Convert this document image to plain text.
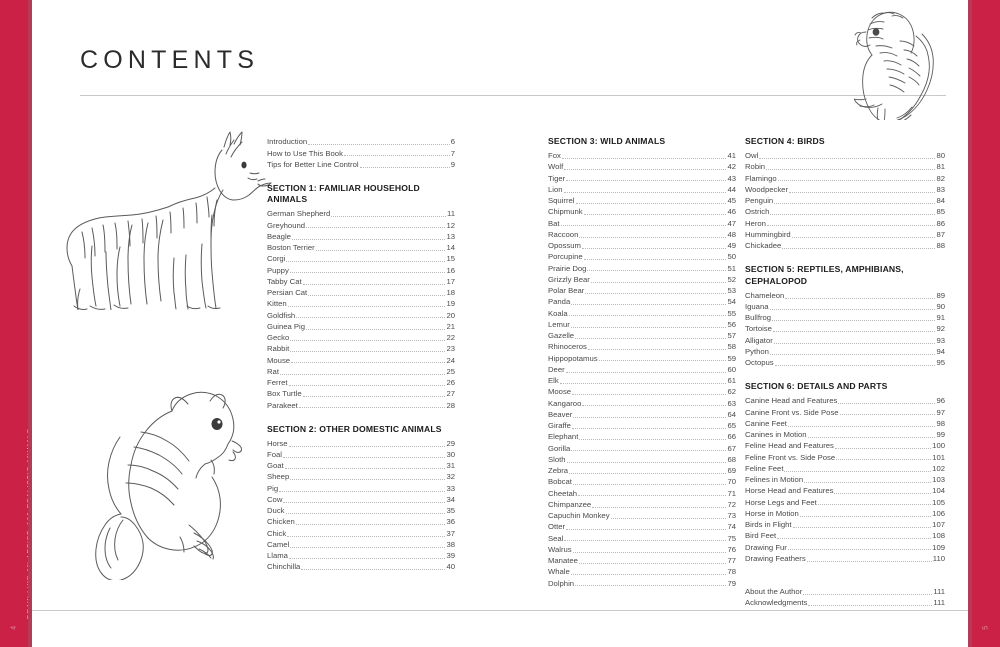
4	5
CONTENTS
Introduction	6
How to Use This Book	7
Tips for Better Line Control	9
SECTION 1: FAMILIAR HOUSEHOLD ANIMALS
German Shepherd	11
Greyhound	12
Beagle	13
Boston Terrier	14
Corgi	15
Puppy	16
Tabby Cat	17
Persian Cat	18
Kitten	19
Goldfish	20
Guinea Pig	21
Gecko	22
Rabbit	23
Mouse	24
Rat	25
Ferret	26
Box Turtle	27
Parakeet	28
SECTION 2: OTHER DOMESTIC ANIMALS
Horse	29
Foal	30
Goat	31
Sheep	32
Pig	33
Cow	34
Duck	35
Chicken	36
Chick	37
Camel	38
Llama	39
Chinchilla	40
SECTION 3: WILD ANIMALS
Fox	41
Wolf	42
Tiger	43
Lion	44
Squirrel	45
Chipmunk	46
Bat	47
Raccoon	48
Opossum	49
Porcupine	50
Prairie Dog	51
Grizzly Bear	52
Polar Bear	53
Panda	54
Koala	55
Lemur	56
Gazelle	57
Rhinoceros	58
Hippopotamus	59
Deer	60
Elk	61
Moose	62
Kangaroo	63
Beaver	64
Giraffe	65
Elephant	66
Gorilla	67
Sloth	68
Zebra	69
Bobcat	70
Cheetah	71
Chimpanzee	72
Capuchin Monkey	73
Otter	74
Seal	75
Walrus	76
Manatee	77
Whale	78
Dolphin	79
SECTION 4: BIRDS
Owl	80
Robin	81
Flamingo	82
Woodpecker	83
Penguin	84
Ostrich	85
Heron	86
Hummingbird	87
Chickadee	88
SECTION 5: REPTILES, AMPHIBIANS, CEPHALOPOD
Chameleon	89
Iguana	90
Bullfrog	91
Tortoise	92
Alligator	93
Python	94
Octopus	95
SECTION 6: DETAILS AND PARTS
Canine Head and Features	96
Canine Front vs. Side Pose	97
Canine Feet	98
Canines in Motion	99
Feline Head and Features	100
Feline Front vs. Side Pose	101
Feline Feet	102
Felines in Motion	103
Horse Head and Features	104
Horse Legs and Feet	105
Horse in Motion	106
Birds in Flight	107
Bird Feet	108
Drawing Fur	109
Drawing Feathers	110
About the Author	111
Acknowledgments	111
